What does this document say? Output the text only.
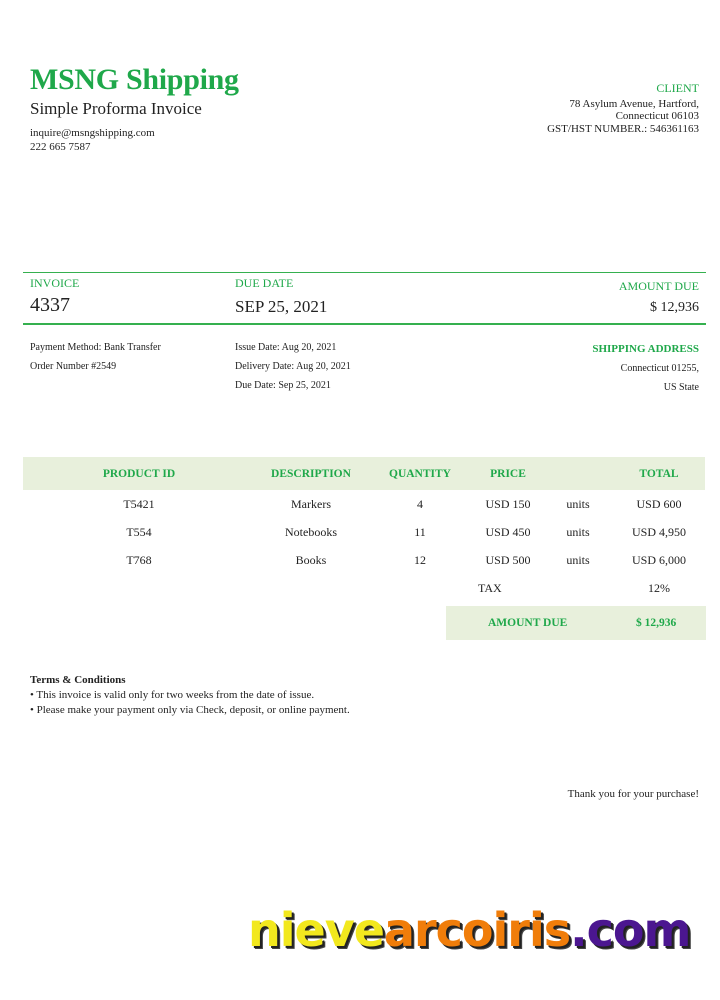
MSNG Shipping
Simple Proforma Invoice
inquire@msngshipping.com
222 665 7587
CLIENT
78 Asylum Avenue, Hartford,
Connecticut 06103
GST/HST NUMBER.: 546361163
INVOICE
4337
DUE DATE
SEP 25, 2021
AMOUNT DUE
$ 12,936
Payment Method: Bank Transfer
Order Number #2549
Issue Date: Aug 20, 2021
Delivery Date: Aug 20, 2021
Due Date: Sep 25, 2021
SHIPPING ADDRESS
Connecticut 01255,
US State
PRODUCT ID	DESCRIPTION	QUANTITY	PRICE		TOTAL
T5421	Markers	4	USD 150	units	USD 600
T554	Notebooks	11	USD 450	units	USD 4,950
T768	Books	12	USD 500	units	USD 6,000
TAX	12%
AMOUNT DUE	$ 12,936
Terms & Conditions
• This invoice is valid only for two weeks from the date of issue.
• Please make your payment only via Check, deposit, or online payment.
Thank you for your purchase!
nievearcoiris.com
